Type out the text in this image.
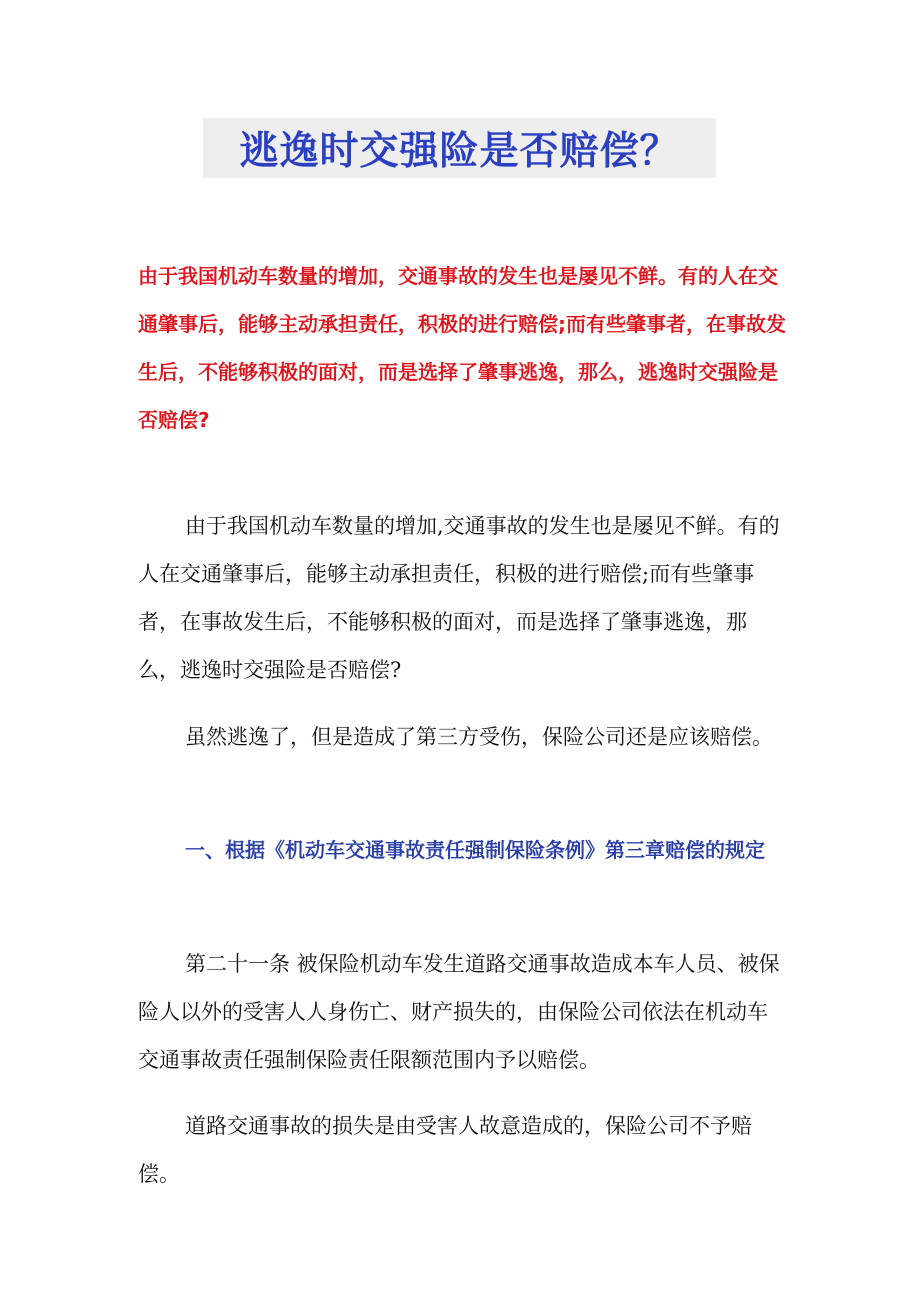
逃逸时交强险是否赔偿？

由于我国机动车数量的增加，交通事故的发生也是屡见不鲜。有的人在交通肇事后，能够主动承担责任，积极的进行赔偿;而有些肇事者，在事故发生后，不能够积极的面对，而是选择了肇事逃逸，那么，逃逸时交强险是否赔偿?

由于我国机动车数量的增加,交通事故的发生也是屡见不鲜。有的人在交通肇事后，能够主动承担责任，积极的进行赔偿;而有些肇事者，在事故发生后，不能够积极的面对，而是选择了肇事逃逸，那么，逃逸时交强险是否赔偿?

虽然逃逸了，但是造成了第三方受伤，保险公司还是应该赔偿。

一、根据《机动车交通事故责任强制保险条例》第三章赔偿的规定

第二十一条 被保险机动车发生道路交通事故造成本车人员、被保险人以外的受害人人身伤亡、财产损失的，由保险公司依法在机动车交通事故责任强制保险责任限额范围内予以赔偿。

道路交通事故的损失是由受害人故意造成的，保险公司不予赔偿。
